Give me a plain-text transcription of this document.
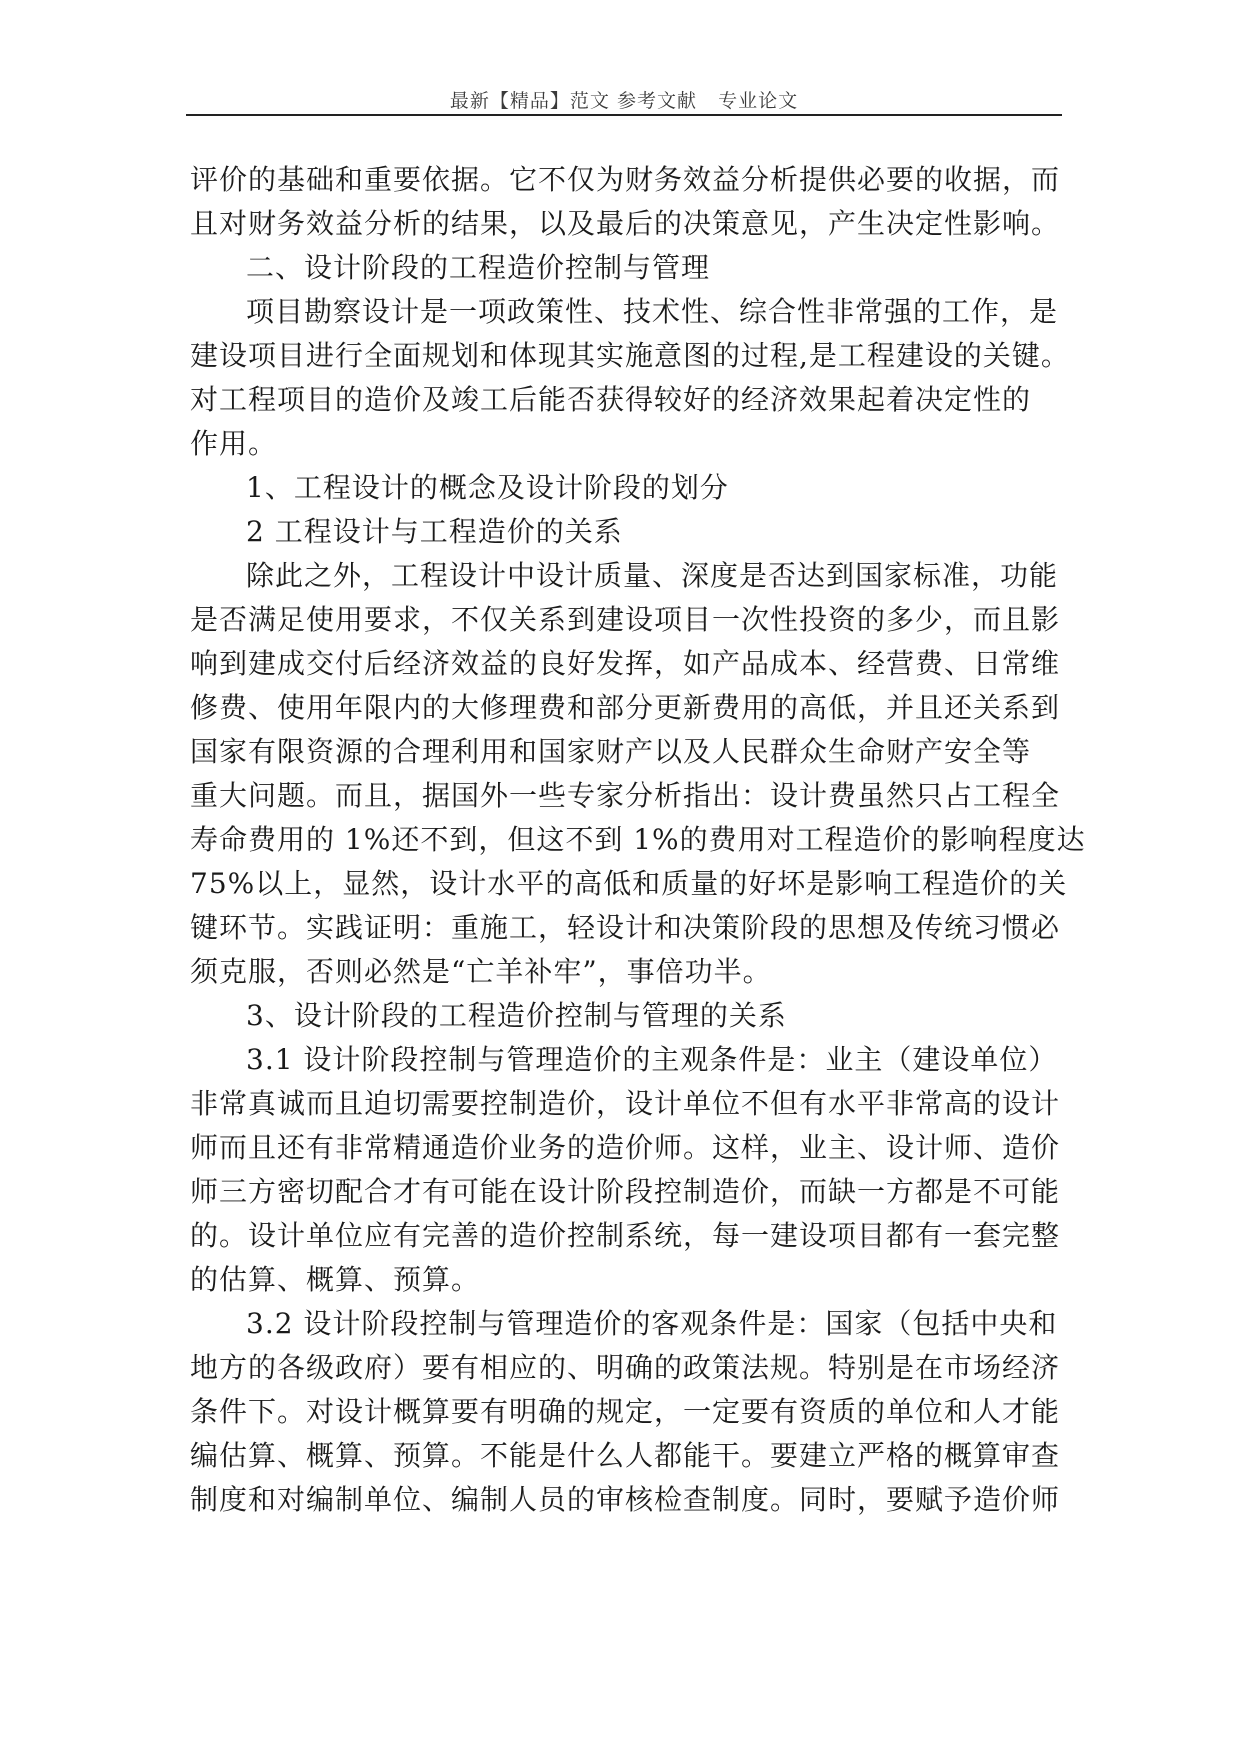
最新【精品】范文 参考文献   专业论文
评价的基础和重要依据。它不仅为财务效益分析提供必要的收据，而
且对财务效益分析的结果，以及最后的决策意见，产生决定性影响。
二、设计阶段的工程造价控制与管理
项目勘察设计是一项政策性、技术性、综合性非常强的工作，是
建设项目进行全面规划和体现其实施意图的过程,是工程建设的关键。
对工程项目的造价及竣工后能否获得较好的经济效果起着决定性的
作用。
1、工程设计的概念及设计阶段的划分
2 工程设计与工程造价的关系
除此之外，工程设计中设计质量、深度是否达到国家标准，功能
是否满足使用要求，不仅关系到建设项目一次性投资的多少，而且影
响到建成交付后经济效益的良好发挥，如产品成本、经营费、日常维
修费、使用年限内的大修理费和部分更新费用的高低，并且还关系到
国家有限资源的合理利用和国家财产以及人民群众生命财产安全等
重大问题。而且，据国外一些专家分析指出：设计费虽然只占工程全
寿命费用的 1%还不到，但这不到 1%的费用对工程造价的影响程度达
75%以上，显然，设计水平的高低和质量的好坏是影响工程造价的关
键环节。实践证明：重施工，轻设计和决策阶段的思想及传统习惯必
须克服，否则必然是“亡羊补牢”，事倍功半。
3、设计阶段的工程造价控制与管理的关系
3.1 设计阶段控制与管理造价的主观条件是：业主（建设单位）
非常真诚而且迫切需要控制造价，设计单位不但有水平非常高的设计
师而且还有非常精通造价业务的造价师。这样，业主、设计师、造价
师三方密切配合才有可能在设计阶段控制造价，而缺一方都是不可能
的。设计单位应有完善的造价控制系统，每一建设项目都有一套完整
的估算、概算、预算。
3.2 设计阶段控制与管理造价的客观条件是：国家（包括中央和
地方的各级政府）要有相应的、明确的政策法规。特别是在市场经济
条件下。对设计概算要有明确的规定，一定要有资质的单位和人才能
编估算、概算、预算。不能是什么人都能干。要建立严格的概算审查
制度和对编制单位、编制人员的审核检查制度。同时，要赋予造价师
